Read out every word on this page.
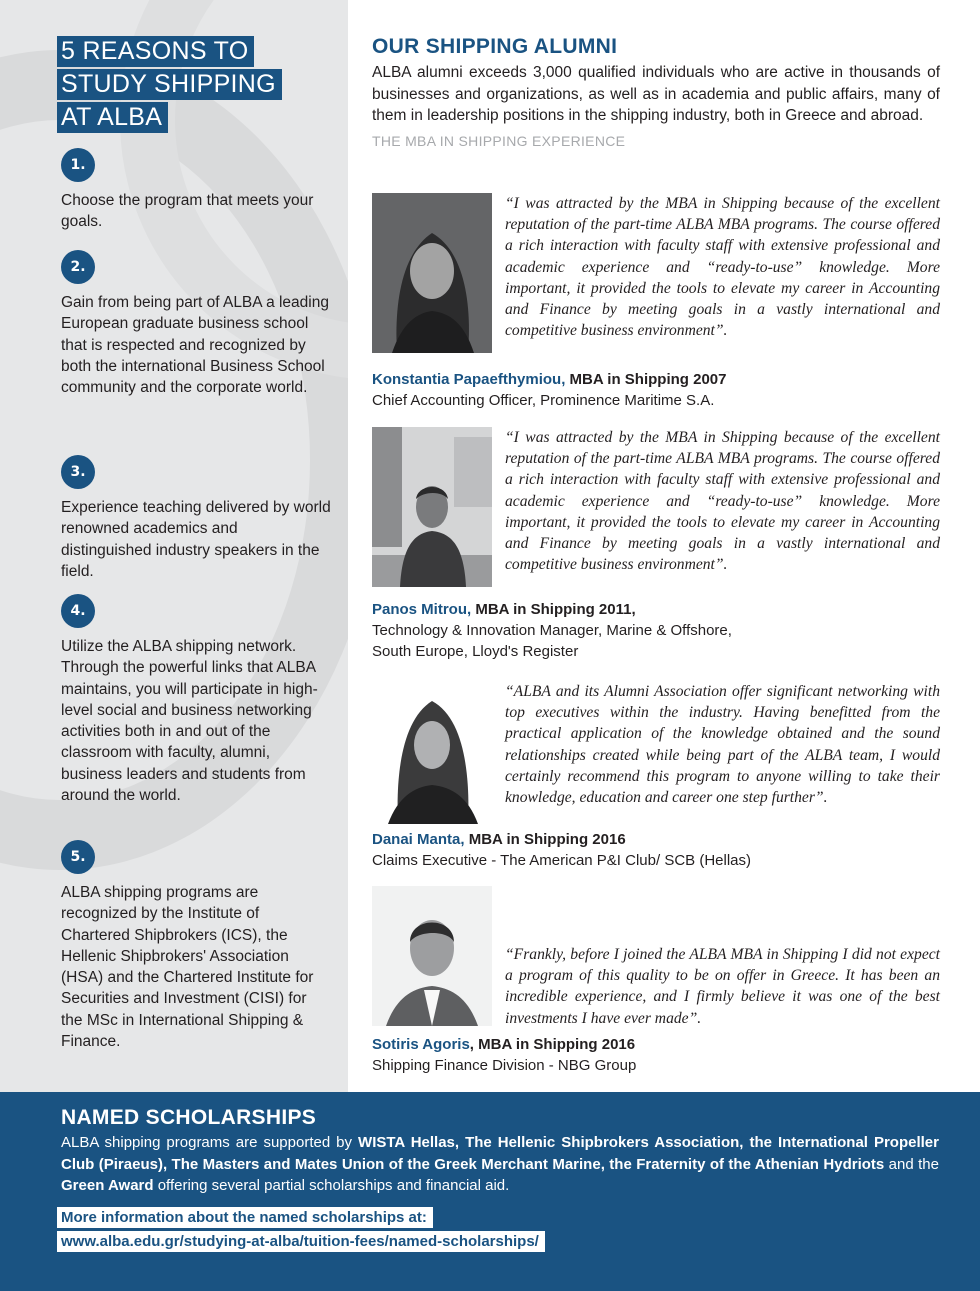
5 REASONS TO
STUDY SHIPPING
AT ALBA
1.

Choose the program that meets your goals.

2.

Gain from being part of ALBA a leading European graduate business school that is respected and recognized by both the international Business School community and the corporate world.

3.

Experience teaching delivered by world renowned academics and distinguished industry speakers in the field.

4.

Utilize the ALBA shipping network. Through the powerful links that ALBA maintains, you will participate in high-level social and business networking activities both in and out of the classroom with faculty, alumni, business leaders and students from around the world.

5.

ALBA shipping programs are recognized by the Institute of Chartered Shipbrokers (ICS), the Hellenic Shipbrokers' Association (HSA) and the Chartered Institute for Securities and Investment (CISI) for the MSc in International Shipping & Finance.

OUR SHIPPING ALUMNI

ALBA alumni exceeds 3,000 qualified individuals who are active in thousands of businesses and organizations, as well as in academia and public affairs, many of them in leadership positions in the shipping industry, both in Greece and abroad.

THE MBA IN SHIPPING EXPERIENCE

“I was attracted by the MBA in Shipping because of the excellent reputation of the part-time ALBA MBA programs. The course offered a rich interaction with faculty staff with extensive professional and academic experience and “ready-to-use” knowledge. More important, it provided the tools to elevate my career in Accounting and Finance by meeting goals in a vastly international and competitive business environment”.

Konstantia Papaefthymiou, MBA in Shipping 2007
Chief Accounting Officer, Prominence Maritime S.A.

“I was attracted by the MBA in Shipping because of the excellent reputation of the part-time ALBA MBA programs. The course offered a rich interaction with faculty staff with extensive professional and academic experience and “ready-to-use” knowledge. More important, it provided the tools to elevate my career in Accounting and Finance by meeting goals in a vastly international and competitive business environment”.

Panos Mitrou, MBA in Shipping 2011,
Technology & Innovation Manager, Marine & Offshore,
South Europe, Lloyd's Register

“ALBA and its Alumni Association offer significant networking with top executives within the industry. Having benefitted from the practical application of the knowledge obtained and the sound relationships created while being part of the ALBA team, I would certainly recommend this program to anyone willing to take their knowledge, education and career one step further”.

Danai Manta, MBA in Shipping 2016
Claims Executive - The American P&I Club/ SCB (Hellas)

“Frankly, before I joined the ALBA MBA in Shipping I did not expect a program of this quality to be on offer in Greece. It has been an incredible experience, and I firmly believe it was one of the best investments I have ever made”.

Sotiris Agoris, MBA in Shipping 2016
Shipping Finance Division - NBG Group
NAMED SCHOLARSHIPS

ALBA shipping programs are supported by WISTA Hellas, The Hellenic Shipbrokers Association, the International Propeller Club (Piraeus), The Masters and Mates Union of the Greek Merchant Marine, the Fraternity of the Athenian Hydriots and the Green Award offering several partial scholarships and financial aid.

More information about the named scholarships at:
www.alba.edu.gr/studying-at-alba/tuition-fees/named-scholarships/
